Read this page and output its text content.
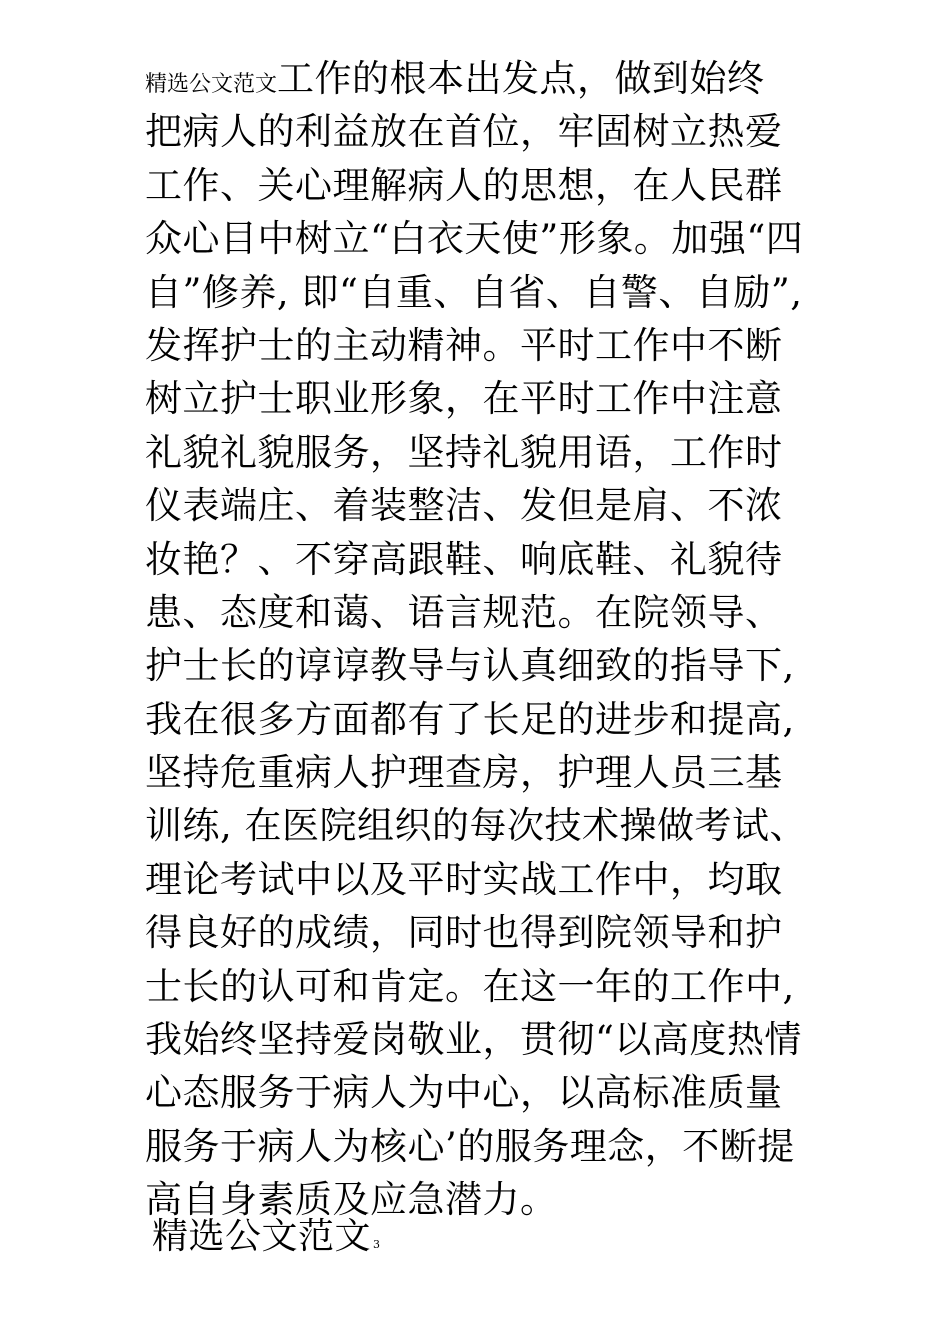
精选公文范文工作的根本出发点，做到始终
把病人的利益放在首位，牢固树立热爱
工作、关心理解病人的思想，在人民群
众心目中树立“白衣天使”形象。加强“四
自”修养, 即“自重、自省、自警、自励”,
发挥护士的主动精神。平时工作中不断
树立护士职业形象，在平时工作中注意
礼貌礼貌服务，坚持礼貌用语，工作时
仪表端庄、着装整洁、发但是肩、不浓
妆艳？、不穿高跟鞋、响底鞋、礼貌待
患、态度和蔼、语言规范。在院领导、
护士长的谆谆教导与认真细致的指导下,
我在很多方面都有了长足的进步和提高,
坚持危重病人护理查房，护理人员三基
训练, 在医院组织的每次技术操做考试、
理论考试中以及平时实战工作中，均取
得良好的成绩，同时也得到院领导和护
士长的认可和肯定。在这一年的工作中,
我始终坚持爱岗敬业，贯彻“以高度热情
心态服务于病人为中心，以高标准质量
服务于病人为核心’的服务理念，不断提
高自身素质及应急潜力。
精选公文范文 3
